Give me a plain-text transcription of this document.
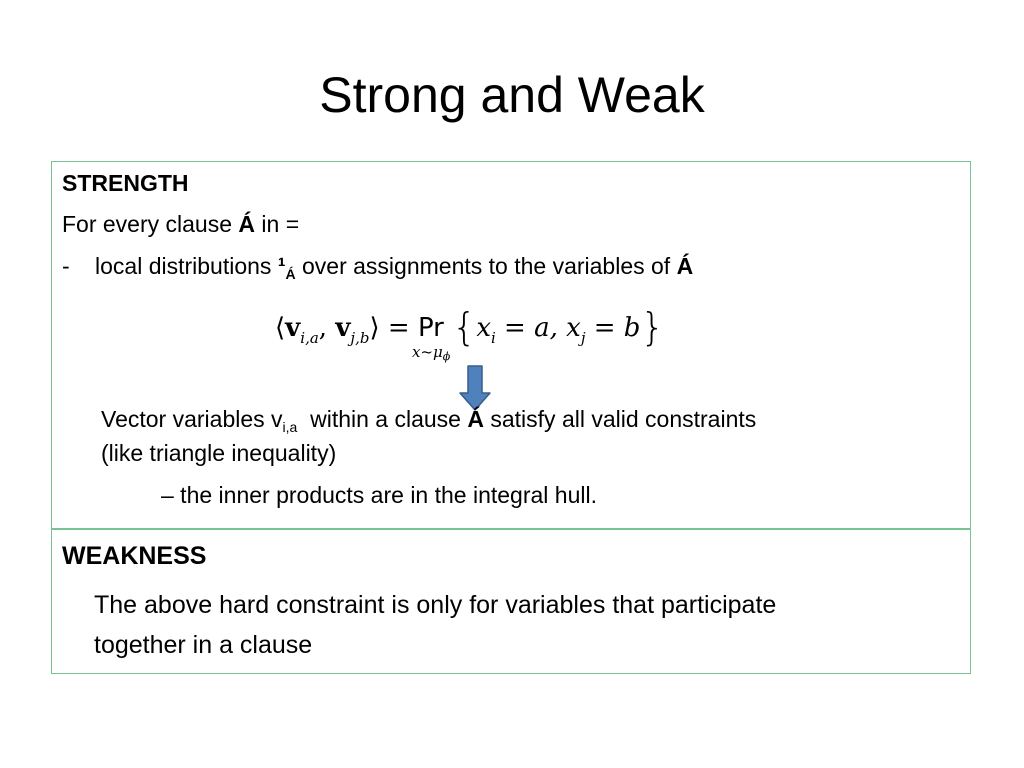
Strong and Weak
STRENGTH
For every clause Á in =
- local distributions $^1_Á$ over assignments to the variables of Á
$⟨v_{i,a}$, $v_{j,b}⟩ = Pr$
$x\sim\mu_\phi$
{$x_i = a$, $x_j = b$}
Vector variables $v_{i,a}$  within a clause Á satisfy all valid constraints
(like triangle inequality)
– the inner products are in the integral hull.
WEAKNESS
The above hard constraint is only for variables that participate
together in a clause
